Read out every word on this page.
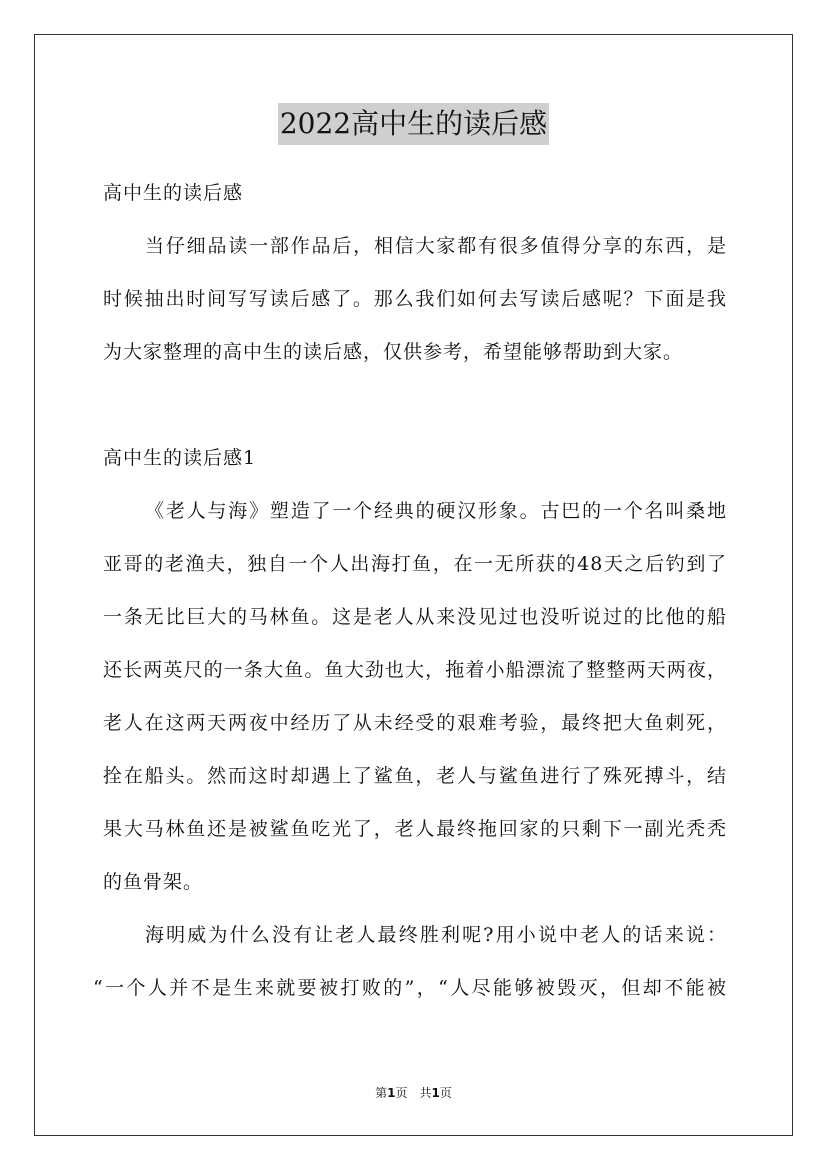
2022高中生的读后感
高中生的读后感
当仔细品读一部作品后，相信大家都有很多值得分享的东西，是
时候抽出时间写写读后感了。那么我们如何去写读后感呢？下面是我
为大家整理的高中生的读后感，仅供参考，希望能够帮助到大家。
高中生的读后感1
《老人与海》塑造了一个经典的硬汉形象。古巴的一个名叫桑地
亚哥的老渔夫，独自一个人出海打鱼，在一无所获的48天之后钓到了
一条无比巨大的马林鱼。这是老人从来没见过也没听说过的比他的船
还长两英尺的一条大鱼。鱼大劲也大，拖着小船漂流了整整两天两夜，
老人在这两天两夜中经历了从未经受的艰难考验，最终把大鱼刺死，
拴在船头。然而这时却遇上了鲨鱼，老人与鲨鱼进行了殊死搏斗，结
果大马林鱼还是被鲨鱼吃光了，老人最终拖回家的只剩下一副光秃秃
的鱼骨架。
海明威为什么没有让老人最终胜利呢?用小说中老人的话来说：
“一个人并不是生来就要被打败的”，“人尽能够被毁灭，但却不能被
第1页　共1页
